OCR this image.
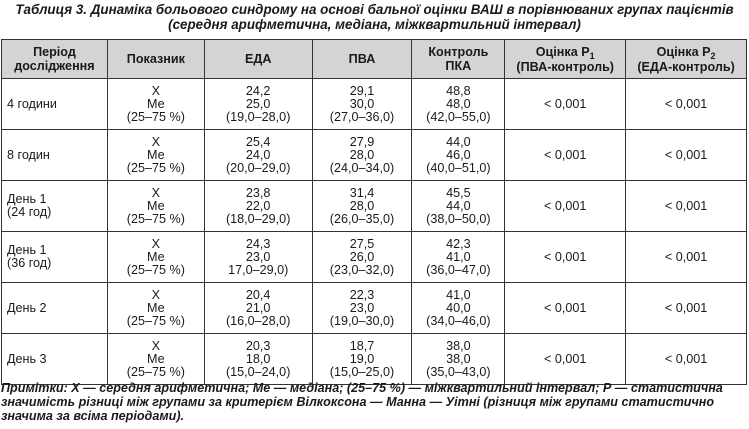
Таблиця 3. Динаміка больового синдрому на основі бальної оцінки ВАШ в порівнюваних групах пацієнтів
(середня арифметична, медіана, міжквартильний інтервал)
Період
дослідження	Показник	ЕДА	ПВА	Контроль
ПКА	Оцінка $P_1$
(ПВА-контроль)	Оцінка $P_2$
(ЕДА-контроль)
4 години	Х
Ме
(25–75 %)	24,2
25,0
(19,0–28,0)	29,1
30,0
(27,0–36,0)	48,8
48,0
(42,0–55,0)	< 0,001	< 0,001
8 годин	Х
Ме
(25–75 %)	25,4
24,0
(20,0–29,0)	27,9
28,0
(24,0–34,0)	44,0
46,0
(40,0–51,0)	< 0,001	< 0,001
День 1
(24 год)	Х
Ме
(25–75 %)	23,8
22,0
(18,0–29,0)	31,4
28,0
(26,0–35,0)	45,5
44,0
(38,0–50,0)	< 0,001	< 0,001
День 1
(36 год)	Х
Ме
(25–75 %)	24,3
23,0
17,0–29,0)	27,5
26,0
(23,0–32,0)	42,3
41,0
(36,0–47,0)	< 0,001	< 0,001
День 2	Х
Ме
(25–75 %)	20,4
21,0
(16,0–28,0)	22,3
23,0
(19,0–30,0)	41,0
40,0
(34,0–46,0)	< 0,001	< 0,001
День 3	Х
Ме
(25–75 %)	20,3
18,0
(15,0–24,0)	18,7
19,0
(15,0–25,0)	38,0
38,0
(35,0–43,0)	< 0,001	< 0,001
Примітки: Х — середня арифметична; Ме — медіана; (25–75 %) — міжквартильний інтервал; Р — статистична значимість різниці між групами за критерієм Вілкоксона — Манна — Уітні (різниця між групами статистично значима за всіма періодами).
